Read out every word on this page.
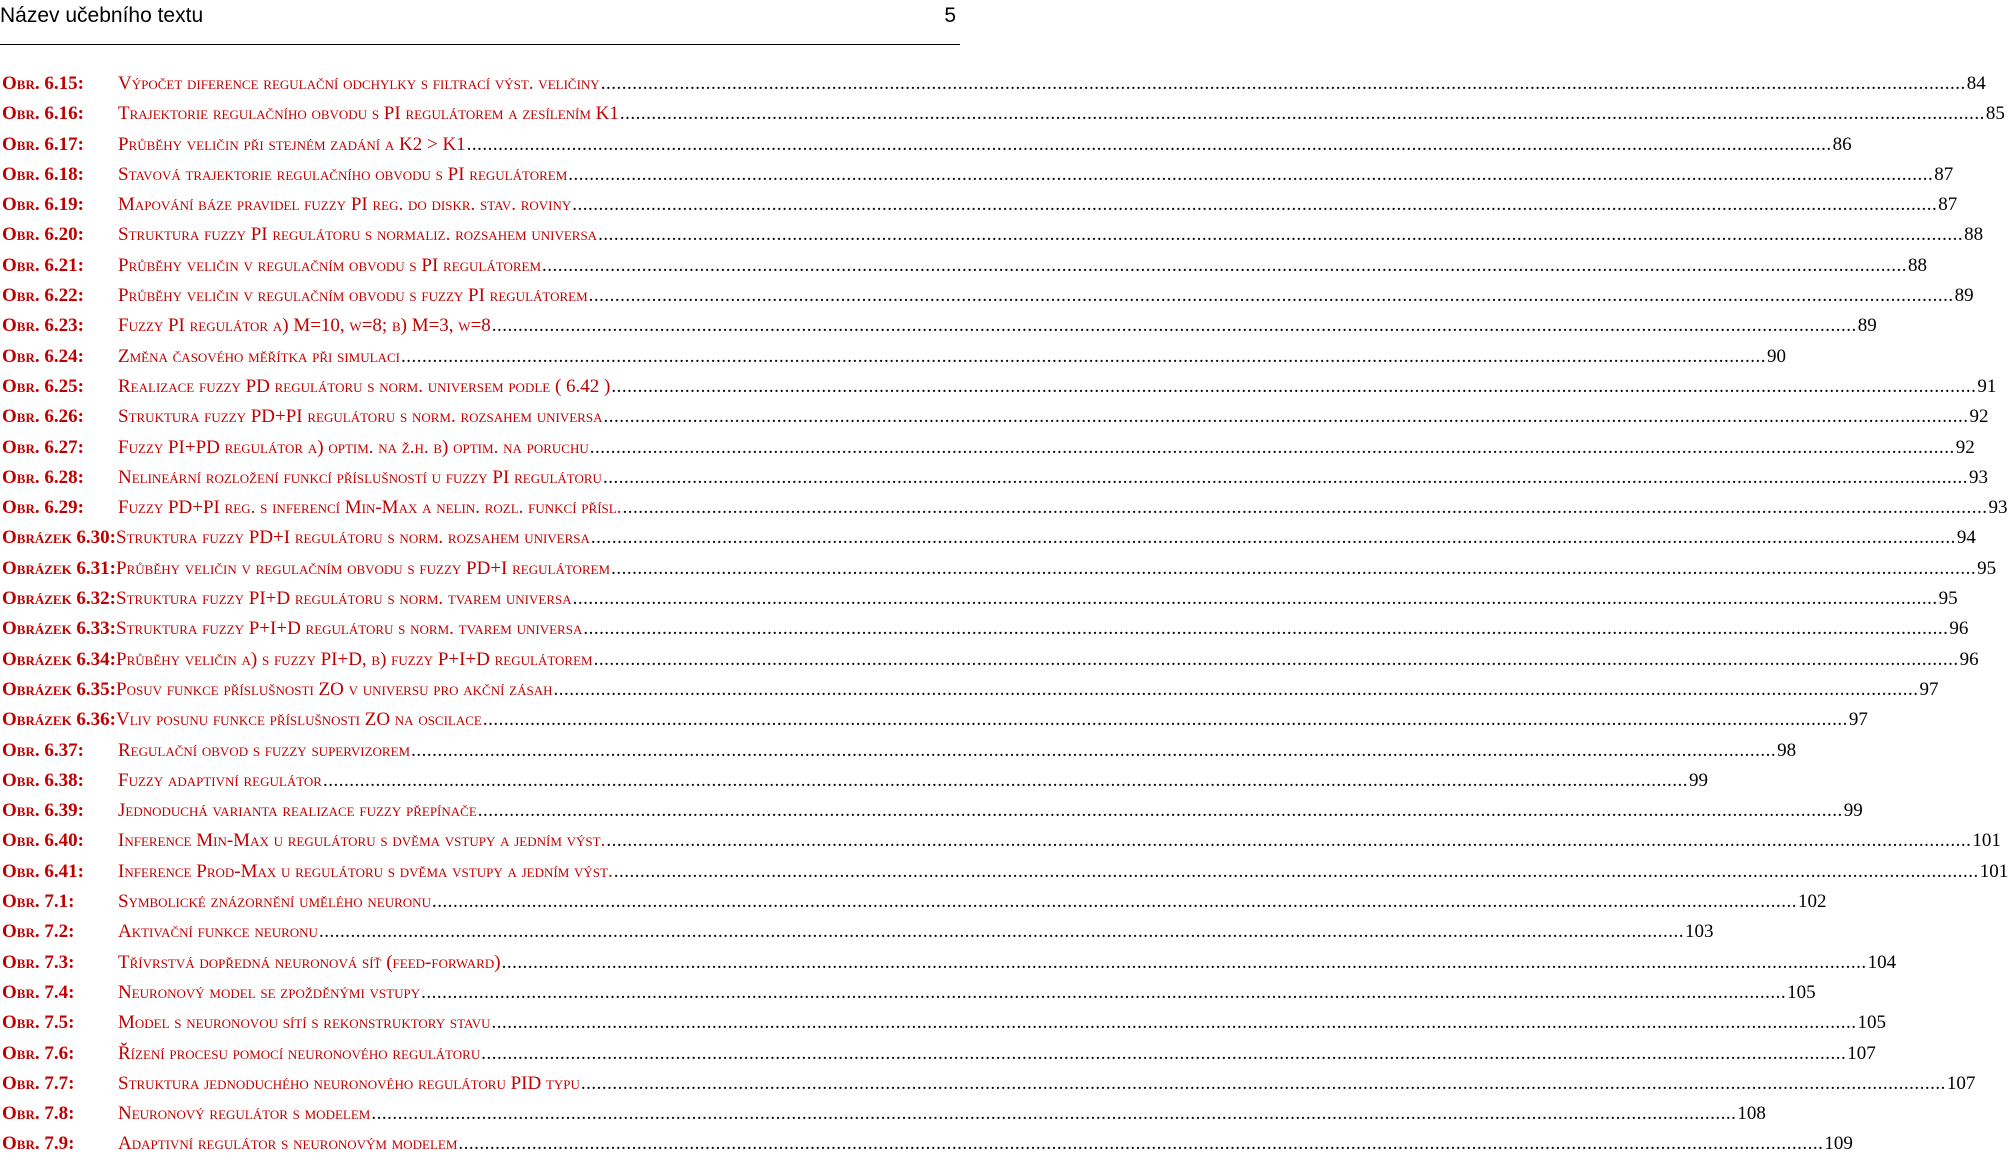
Název učebního textu	5
Obr. 6.15:	Výpočet diference regulační odchylky s filtrací výst. veličiny .....	84
Obr. 6.16:	Trajektorie regulačního obvodu s PI regulátorem a zesílením K1 .....	85
Obr. 6.17:	Průběhy veličin při stejném zadání a K2 > K1 .....	86
Obr. 6.18:	Stavová trajektorie regulačního obvodu s PI regulátorem .....	87
Obr. 6.19:	Mapování báze pravidel fuzzy PI reg. do diskr. stav. roviny .....	87
Obr. 6.20:	Struktura fuzzy PI regulátoru s normaliz. rozsahem universa .....	88
Obr. 6.21:	Průběhy veličin v regulačním obvodu s PI regulátorem .....	88
Obr. 6.22:	Průběhy veličin v regulačním obvodu s fuzzy PI regulátorem .....	89
Obr. 6.23:	Fuzzy PI regulátor a) M=10, w=8; b) M=3, w=8 .....	89
Obr. 6.24:	Změna časového měřítka při simulaci .....	90
Obr. 6.25:	Realizace fuzzy PD regulátoru s norm. universem podle ( 6.42 ) .....	91
Obr. 6.26:	Struktura fuzzy PD+PI regulátoru s norm. rozsahem universa .....	92
Obr. 6.27:	Fuzzy PI+PD regulátor a) optim. na ž.h. b) optim. na poruchu .....	92
Obr. 6.28:	Nelineární rozložení funkcí příslušností u fuzzy PI regulátoru .....	93
Obr. 6.29:	Fuzzy PD+PI reg. s inferencí Min-Max a nelin. rozl. funkcí přísl. .....	93
Obrázek 6.30: Struktura fuzzy PD+I regulátoru s norm. rozsahem universa .....	94
Obrázek 6.31: Průběhy veličin v regulačním obvodu s fuzzy PD+I regulátorem .....	95
Obrázek 6.32: Struktura fuzzy PI+D regulátoru s norm. tvarem universa .....	95
Obrázek 6.33: Struktura fuzzy P+I+D regulátoru s norm. tvarem universa .....	96
Obrázek 6.34: Průběhy veličin a) s fuzzy PI+D, b) fuzzy P+I+D regulátorem .....	96
Obrázek 6.35: Posuv funkce příslušnosti ZO v universu pro akční zásah .....	97
Obrázek 6.36: Vliv posunu funkce příslušnosti ZO na oscilace .....	97
Obr. 6.37:	Regulační obvod s fuzzy supervizorem .....	98
Obr. 6.38:	Fuzzy adaptivní regulátor .....	99
Obr. 6.39:	Jednoduchá varianta realizace fuzzy přepínače .....	99
Obr. 6.40:	Inference Min-Max u regulátoru s dvěma vstupy a jedním výst. .....	101
Obr. 6.41:	Inference Prod-Max u regulátoru s dvěma vstupy a jedním výst. .....	101
Obr. 7.1:	Symbolické znázornění umělého neuronu .....	102
Obr. 7.2:	Aktivační funkce neuronu .....	103
Obr. 7.3:	Třívrstvá dopředná neuronová síť (feed-forward) .....	104
Obr. 7.4:	Neuronový model se zpožděnými vstupy .....	105
Obr. 7.5:	Model s neuronovou sítí s rekonstruktory stavu .....	105
Obr. 7.6:	Řízení procesu pomocí neuronového regulátoru .....	107
Obr. 7.7:	Struktura jednoduchého neuronového regulátoru PID typu .....	107
Obr. 7.8:	Neuronový regulátor s modelem .....	108
Obr. 7.9:	Adaptivní regulátor s neuronovým modelem .....	109
